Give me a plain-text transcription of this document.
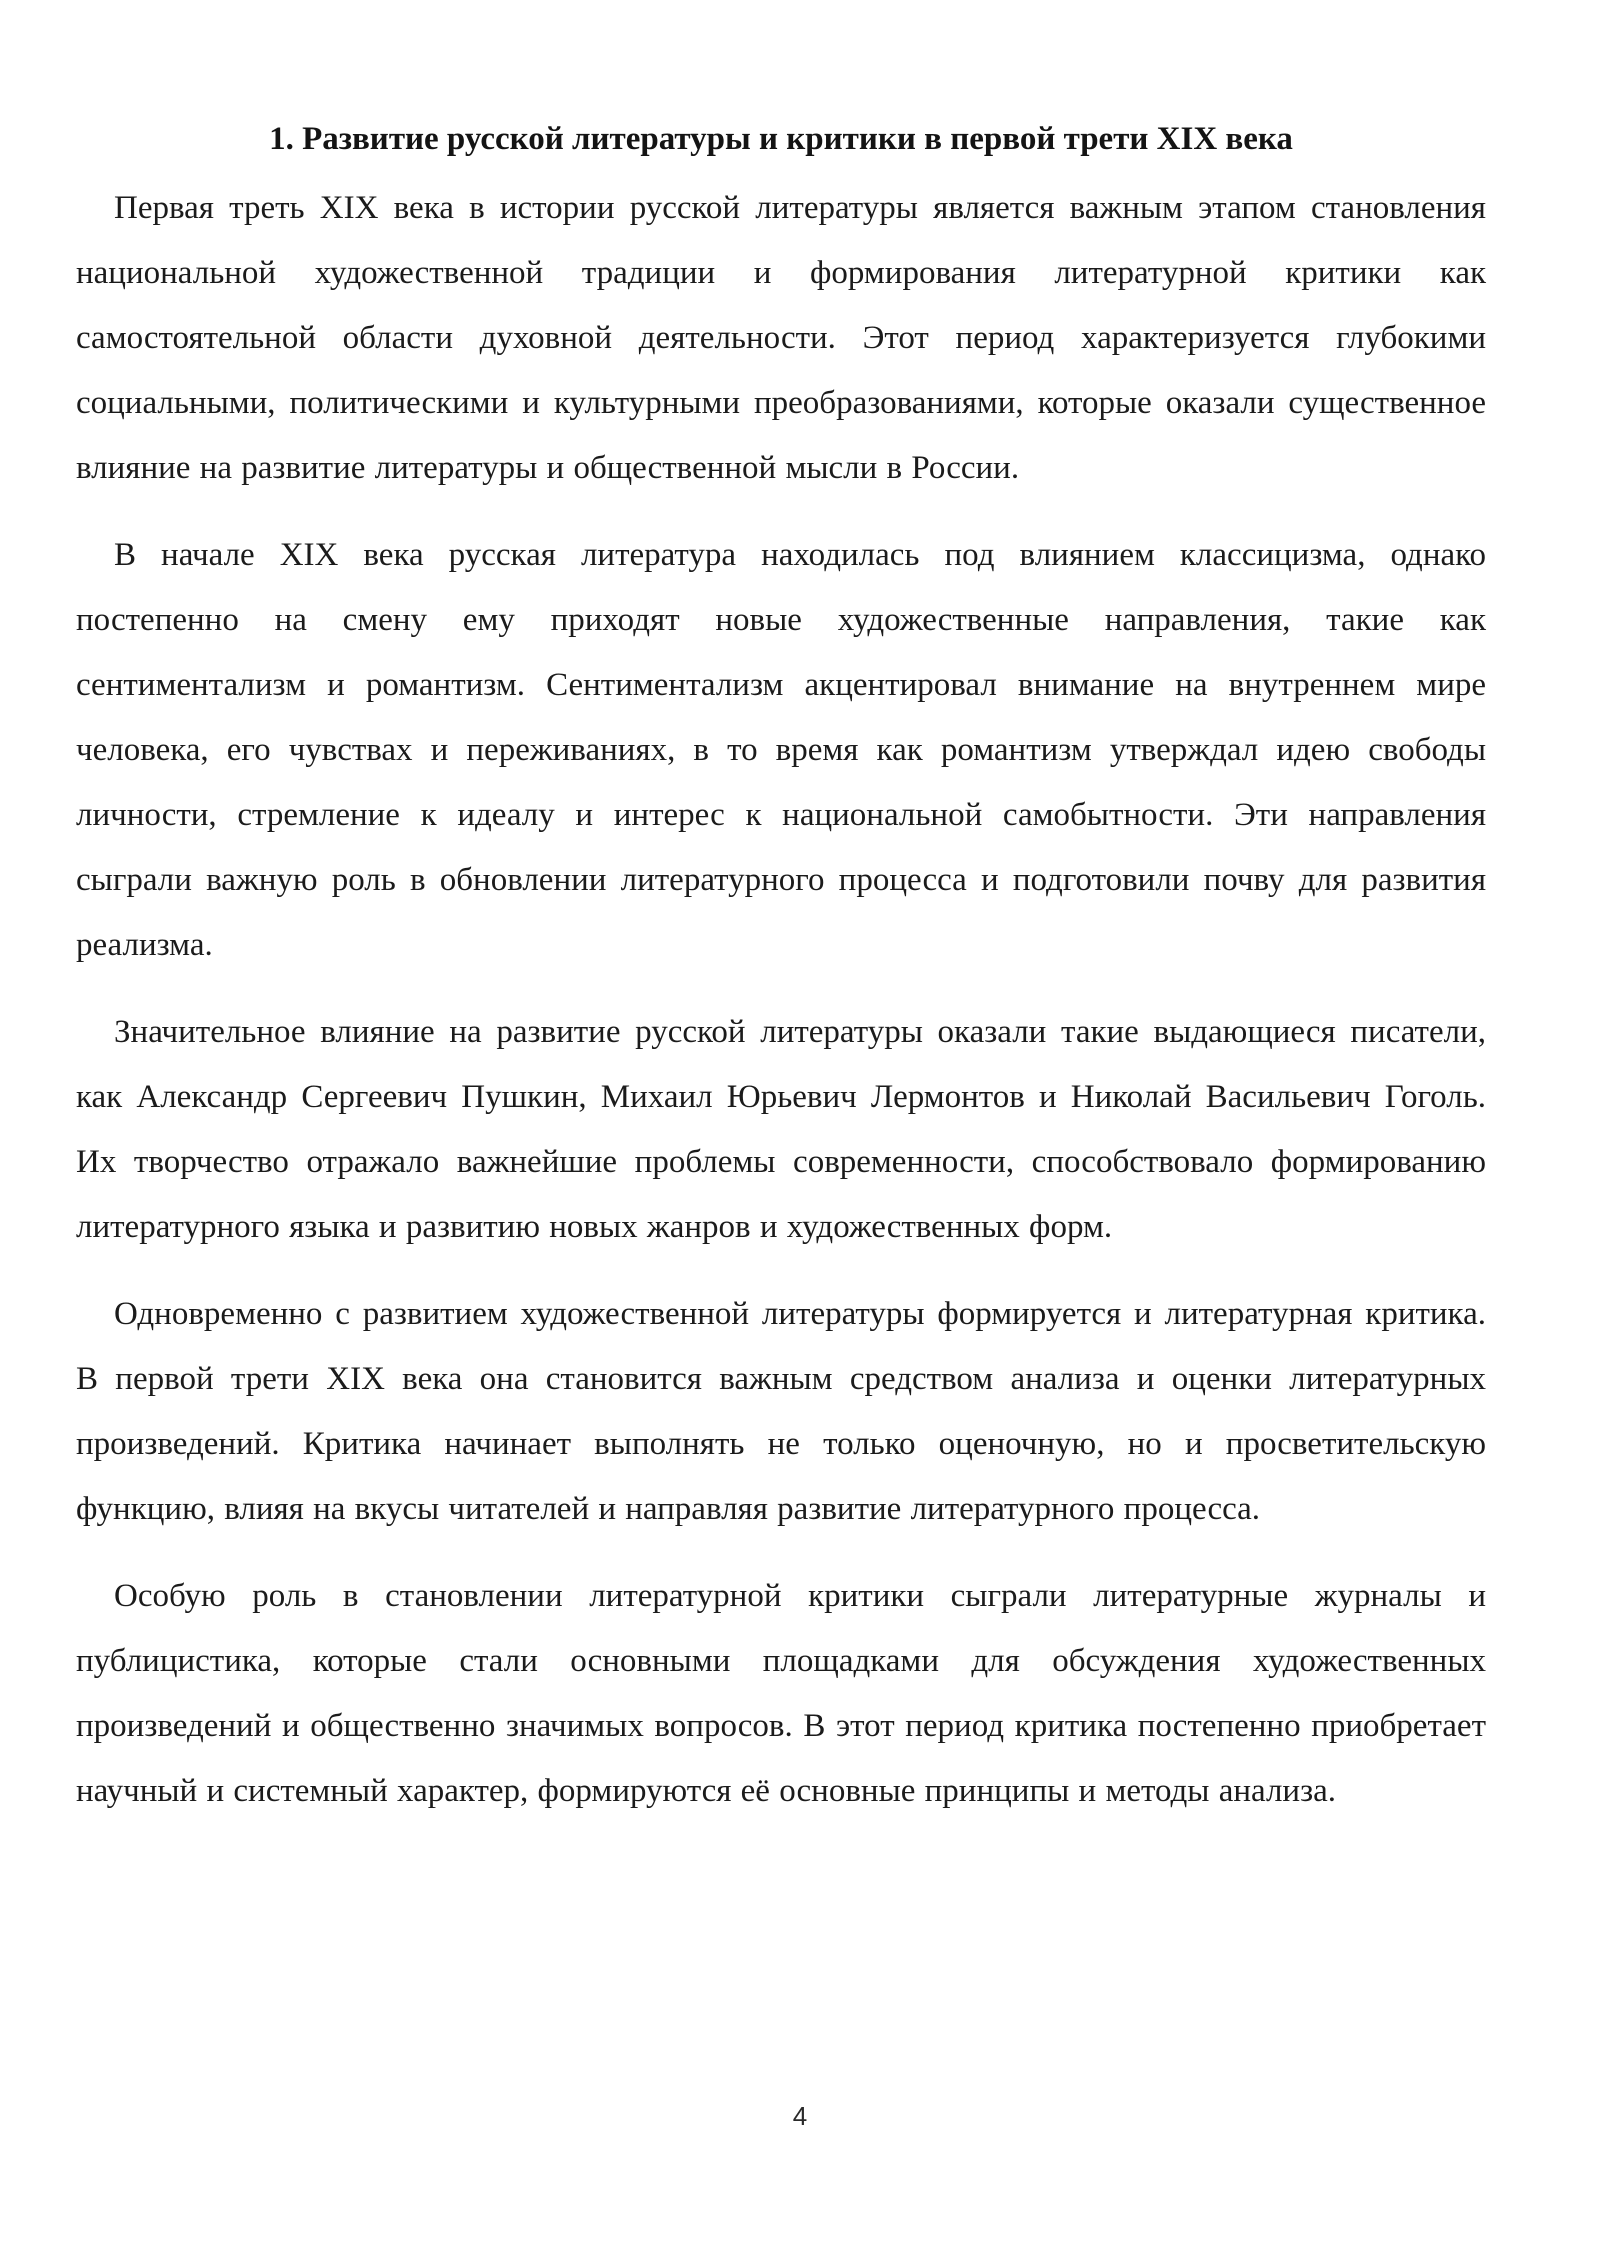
1. Развитие русской литературы и критики в первой трети XIX века

Первая треть XIX века в истории русской литературы является важным этапом становления национальной художественной традиции и формирования литературной критики как самостоятельной области духовной деятельности. Этот период характеризуется глубокими социальными, политическими и культурными преобразованиями, которые оказали существенное влияние на развитие литературы и общественной мысли в России.

В начале XIX века русская литература находилась под влиянием классицизма, однако постепенно на смену ему приходят новые художественные направления, такие как сентиментализм и романтизм. Сентиментализм акцентировал внимание на внутреннем мире человека, его чувствах и переживаниях, в то время как романтизм утверждал идею свободы личности, стремление к идеалу и интерес к национальной самобытности. Эти направления сыграли важную роль в обновлении литературного процесса и подготовили почву для развития реализма.

Значительное влияние на развитие русской литературы оказали такие выдающиеся писатели, как Александр Сергеевич Пушкин, Михаил Юрьевич Лермонтов и Николай Васильевич Гоголь. Их творчество отражало важнейшие проблемы современности, способствовало формированию литературного языка и развитию новых жанров и художественных форм.

Одновременно с развитием художественной литературы формируется и литературная критика. В первой трети XIX века она становится важным средством анализа и оценки литературных произведений. Критика начинает выполнять не только оценочную, но и просветительскую функцию, влияя на вкусы читателей и направляя развитие литературного процесса.

Особую роль в становлении литературной критики сыграли литературные журналы и публицистика, которые стали основными площадками для обсуждения художественных произведений и общественно значимых вопросов. В этот период критика постепенно приобретает научный и системный характер, формируются её основные принципы и методы анализа.

4
